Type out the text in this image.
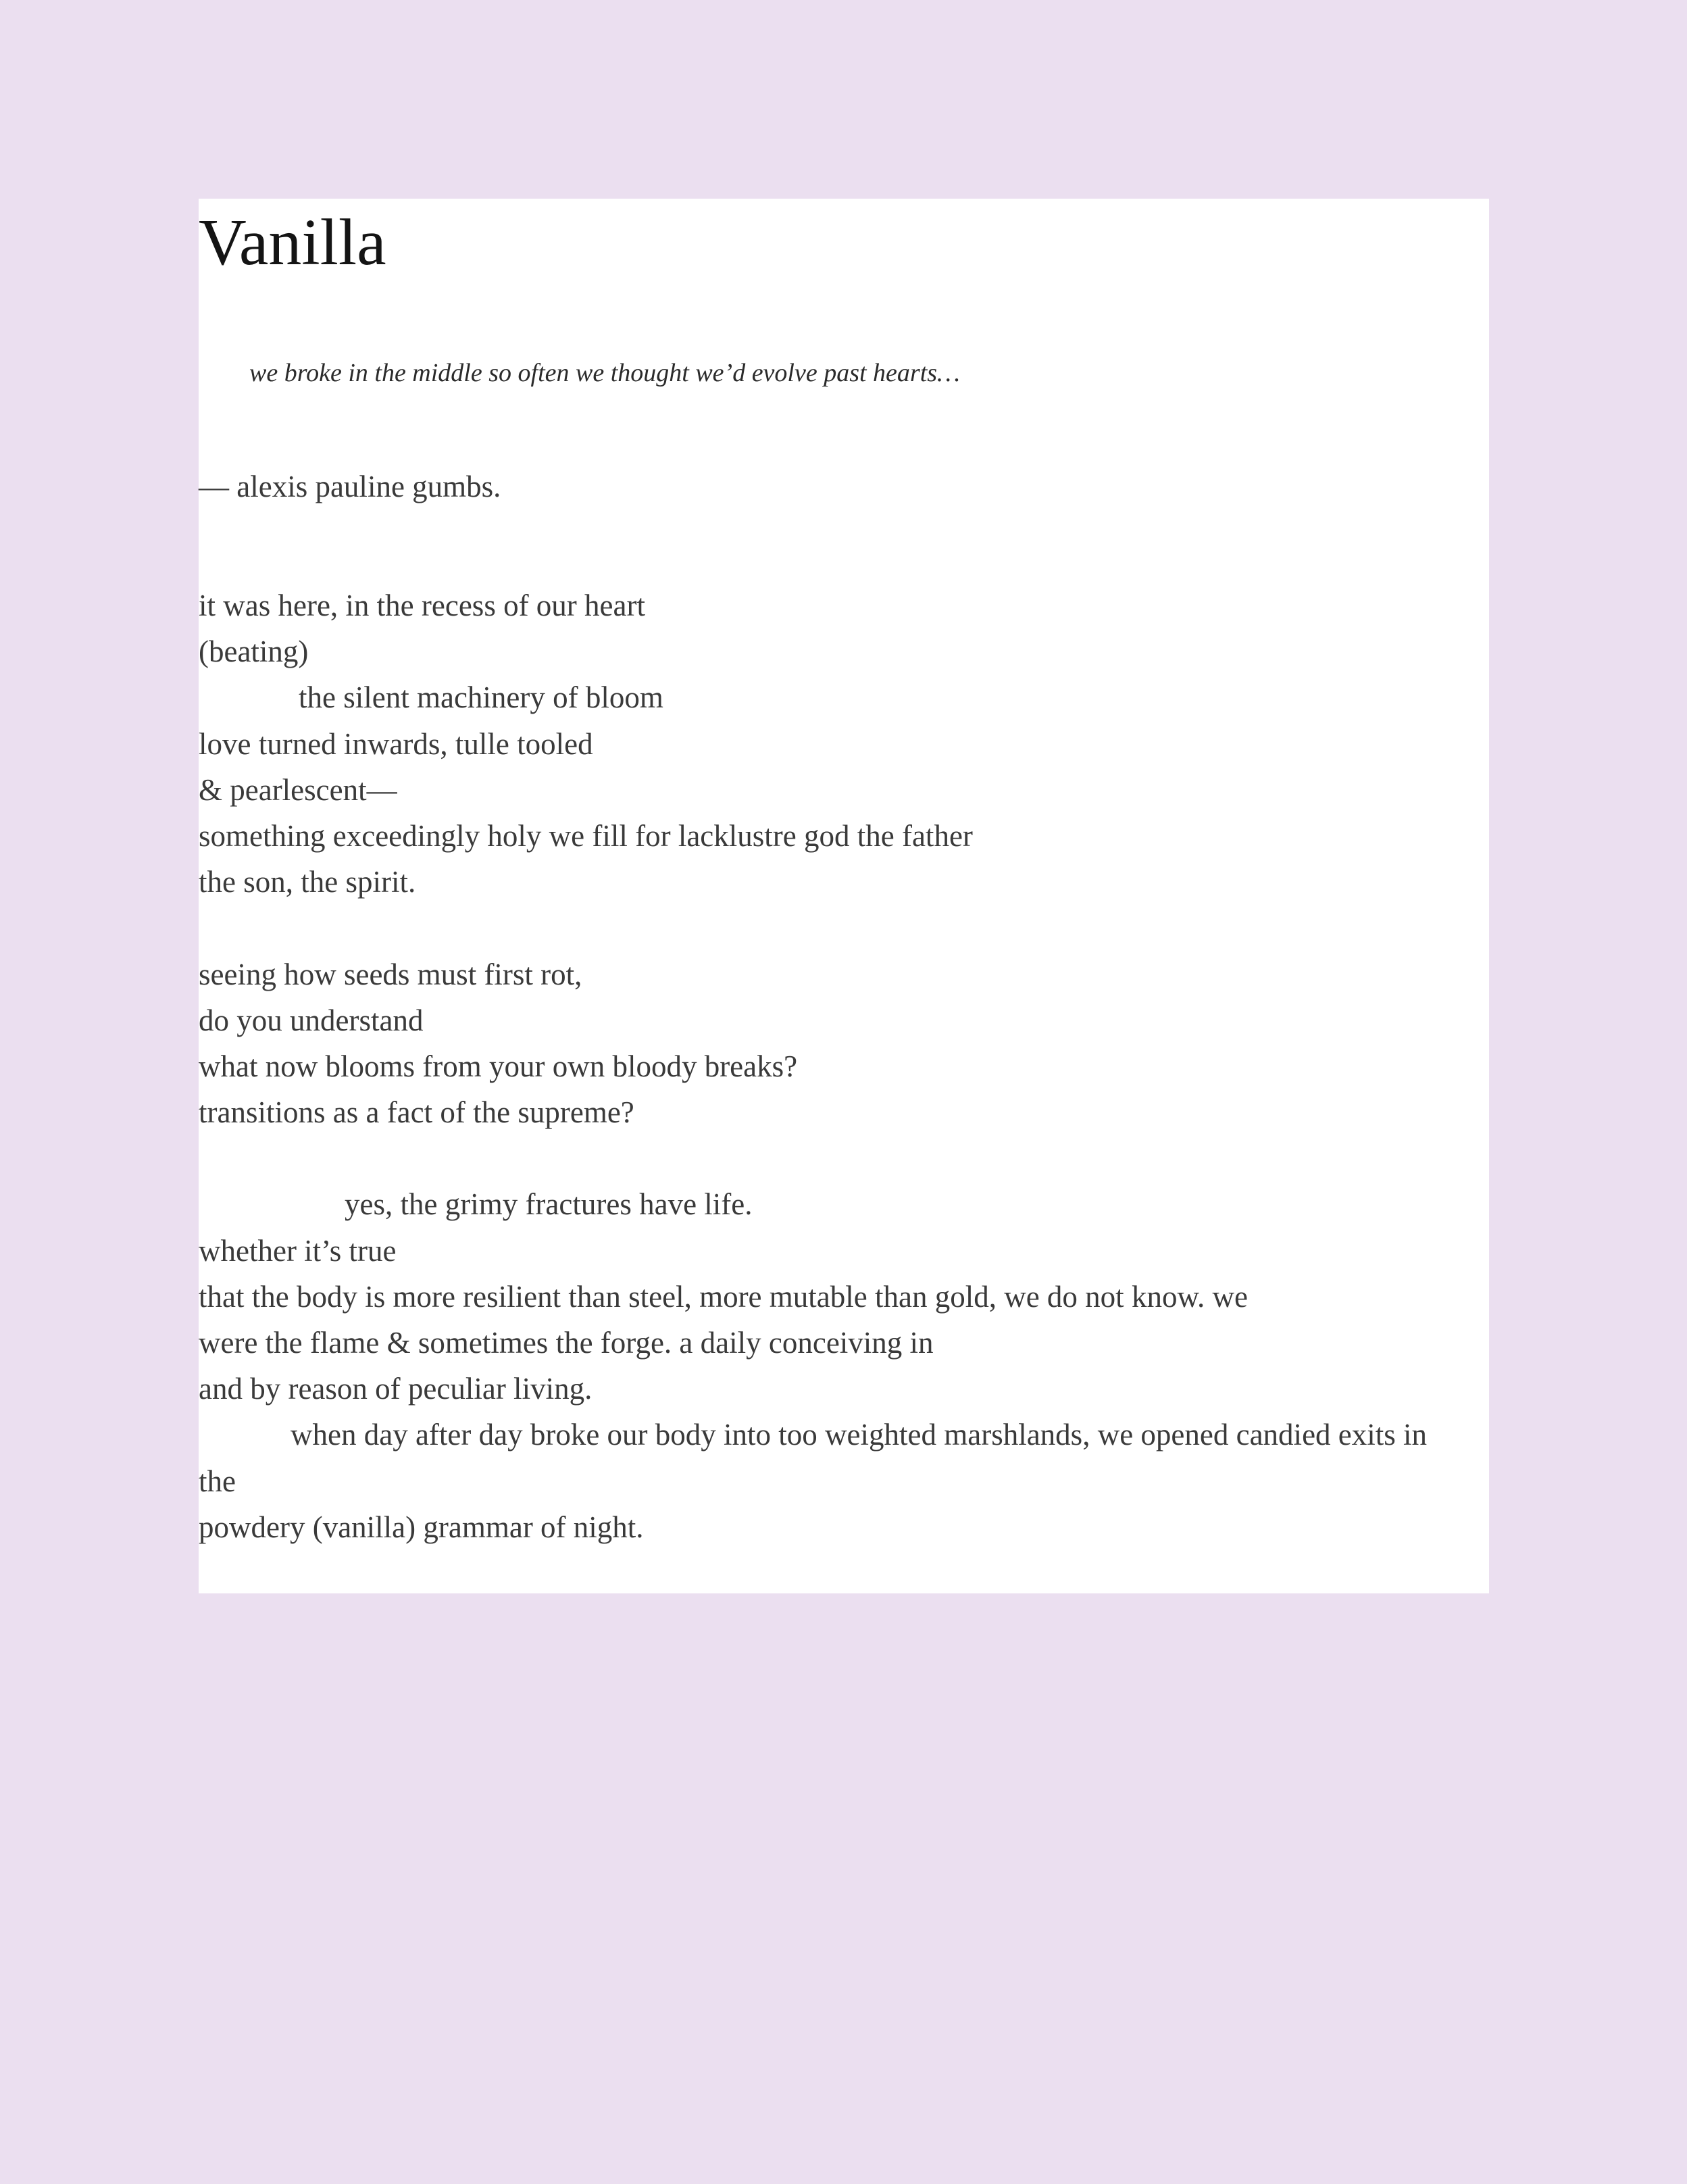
Vanilla

we broke in the middle so often we thought we’d evolve past hearts…

— alexis pauline gumbs.

it was here, in the recess of our heart
(beating)
the silent machinery of bloom
love turned inwards, tulle tooled
& pearlescent—
something exceedingly holy we fill for lacklustre god the father
the son, the spirit.
seeing how seeds must first rot,
do you understand
what now blooms from your own bloody breaks?
transitions as a fact of the supreme?
yes, the grimy fractures have life.
whether it’s true
that the body is more resilient than steel, more mutable than gold, we do not know. we
were the flame & sometimes the forge. a daily conceiving in
and by reason of peculiar living.
when day after day broke our body into too weighted marshlands, we opened candied exits in
the
powdery (vanilla) grammar of night.
